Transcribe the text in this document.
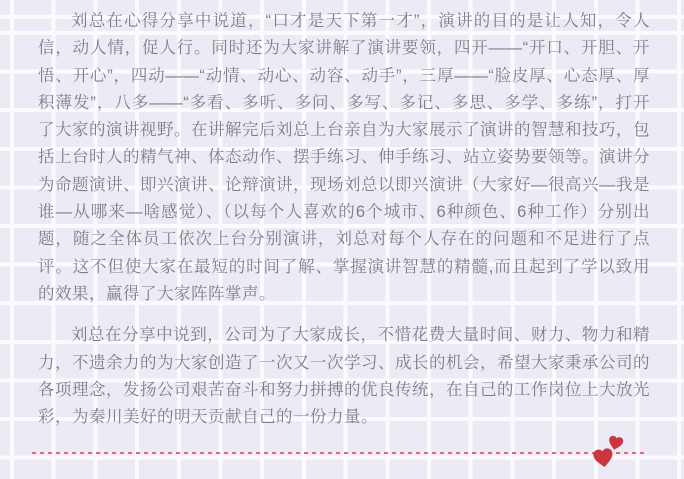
刘总在心得分享中说道，“口才是天下第一才”，演讲的目的是让人知，令人信，动人情，促人行。同时还为大家讲解了演讲要领，四开——“开口、开胆、开悟、开心”，四动——“动情、动心、动容、动手”，三厚——“脸皮厚、心态厚、厚积薄发”，八多——“多看、多听、多问、多写、多记、多思、多学、多练”，打开了大家的演讲视野。在讲解完后刘总上台亲自为大家展示了演讲的智慧和技巧，包括上台时人的精气神、体态动作、摆手练习、伸手练习、站立姿势要领等。演讲分为命题演讲、即兴演讲、论辩演讲，现场刘总以即兴演讲（大家好—很高兴—我是谁—从哪来—啥感觉）、（以每个人喜欢的6个城市、6种颜色、6种工作）分别出题，随之全体员工依次上台分别演讲，刘总对每个人存在的问题和不足进行了点评。这不但使大家在最短的时间了解、掌握演讲智慧的精髓,而且起到了学以致用的效果，赢得了大家阵阵掌声。

刘总在分享中说到，公司为了大家成长，不惜花费大量时间、财力、物力和精力，不遗余力的为大家创造了一次又一次学习、成长的机会，希望大家秉承公司的各项理念，发扬公司艰苦奋斗和努力拼搏的优良传统，在自己的工作岗位上大放光彩，为秦川美好的明天贡献自己的一份力量。
